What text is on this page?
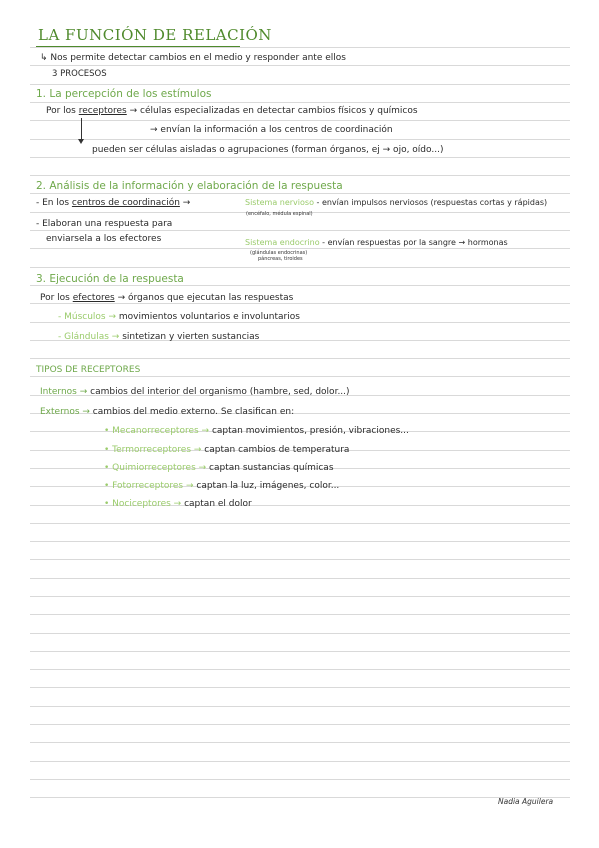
LA FUNCIÓN DE RELACIÓN
↳ Nos permite detectar cambios en el medio y responder ante ellos
3 PROCESOS
1. La percepción de los estímulos
Por los receptores → células especializadas en detectar cambios físicos y químicos
→ envían la información a los centros de coordinación
pueden ser células aisladas o agrupaciones (forman órganos, ej → ojo, oído...)
2. Análisis de la información y elaboración de la respuesta
- En los centros de coordinación →	Sistema nervioso - envían impulsos nerviosos (respuestas cortas y rápidas)
(encéfalo, médula espinal)
- Elaboran una respuesta para
enviarsela a los efectores	Sistema endocrino - envían respuestas por la sangre → hormonas
(glándulas endocrinas)
páncreas, tiroides
3. Ejecución de la respuesta
Por los efectores → órganos que ejecutan las respuestas
- Músculos → movimientos voluntarios e involuntarios
- Glándulas → sintetizan y vierten sustancias
TIPOS DE RECEPTORES
Internos → cambios del interior del organismo (hambre, sed, dolor...)
Externos → cambios del medio externo. Se clasifican en:
• Mecanorreceptores → captan movimientos, presión, vibraciones...
• Termorreceptores → captan cambios de temperatura
• Quimiorreceptores → captan sustancias químicas
• Fotorreceptores → captan la luz, imágenes, color...
• Nociceptores → captan el dolor
Nadia Aguilera
